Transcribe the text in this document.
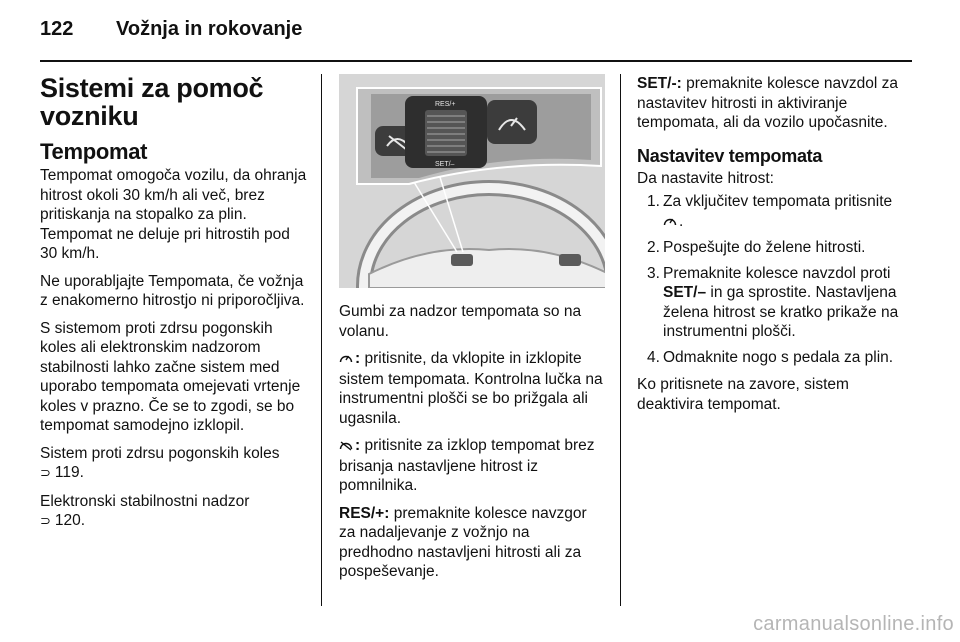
122 Vožnja in rokovanje
Sistemi za pomoč vozniku
Tempomat

Tempomat omogoča vozilu, da ohranja hitrost okoli 30 km/h ali več, brez pritiskanja na stopalko za plin. Tempomat ne deluje pri hitrostih pod 30 km/h.

Ne uporabljajte Tempomata, če vožnja z enakomerno hitrostjo ni priporočljiva.

S sistemom proti zdrsu pogonskih koles ali elektronskim nadzorom stabilnosti lahko začne sistem med uporabo tempomata omejevati vrtenje koles v prazno. Če se to zgodi, se bo tempomat samodejno izklopil.

Sistem proti zdrsu pogonskih koles
⊃ 119.

Elektronski stabilnostni nadzor
⊃ 120.

RES/+
SET/–

Gumbi za nadzor tempomata so na volanu.

: pritisnite, da vklopite in izklopite sistem tempomata. Kontrolna lučka na instrumentni plošči se bo prižgala ali ugasnila.

: pritisnite za izklop tempomat brez brisanja nastavljene hitrost iz pomnilnika.

RES/+: premaknite kolesce navzgor za nadaljevanje z vožnjo na predhodno nastavljeni hitrosti ali za pospeševanje.

SET/-: premaknite kolesce navzdol za nastavitev hitrosti in aktiviranje tempomata, ali da vozilo upočasnite.

Nastavitev tempomata

Da nastavite hitrost:

1. Za vključitev tempomata pritisnite
.
2. Pospešujte do želene hitrosti.
3. Premaknite kolesce navzdol proti SET/– in ga sprostite. Nastavljena želena hitrost se kratko prikaže na instrumentni plošči.
4. Odmaknite nogo s pedala za plin.

Ko pritisnete na zavore, sistem deaktivira tempomat.

carmanualsonline.info
